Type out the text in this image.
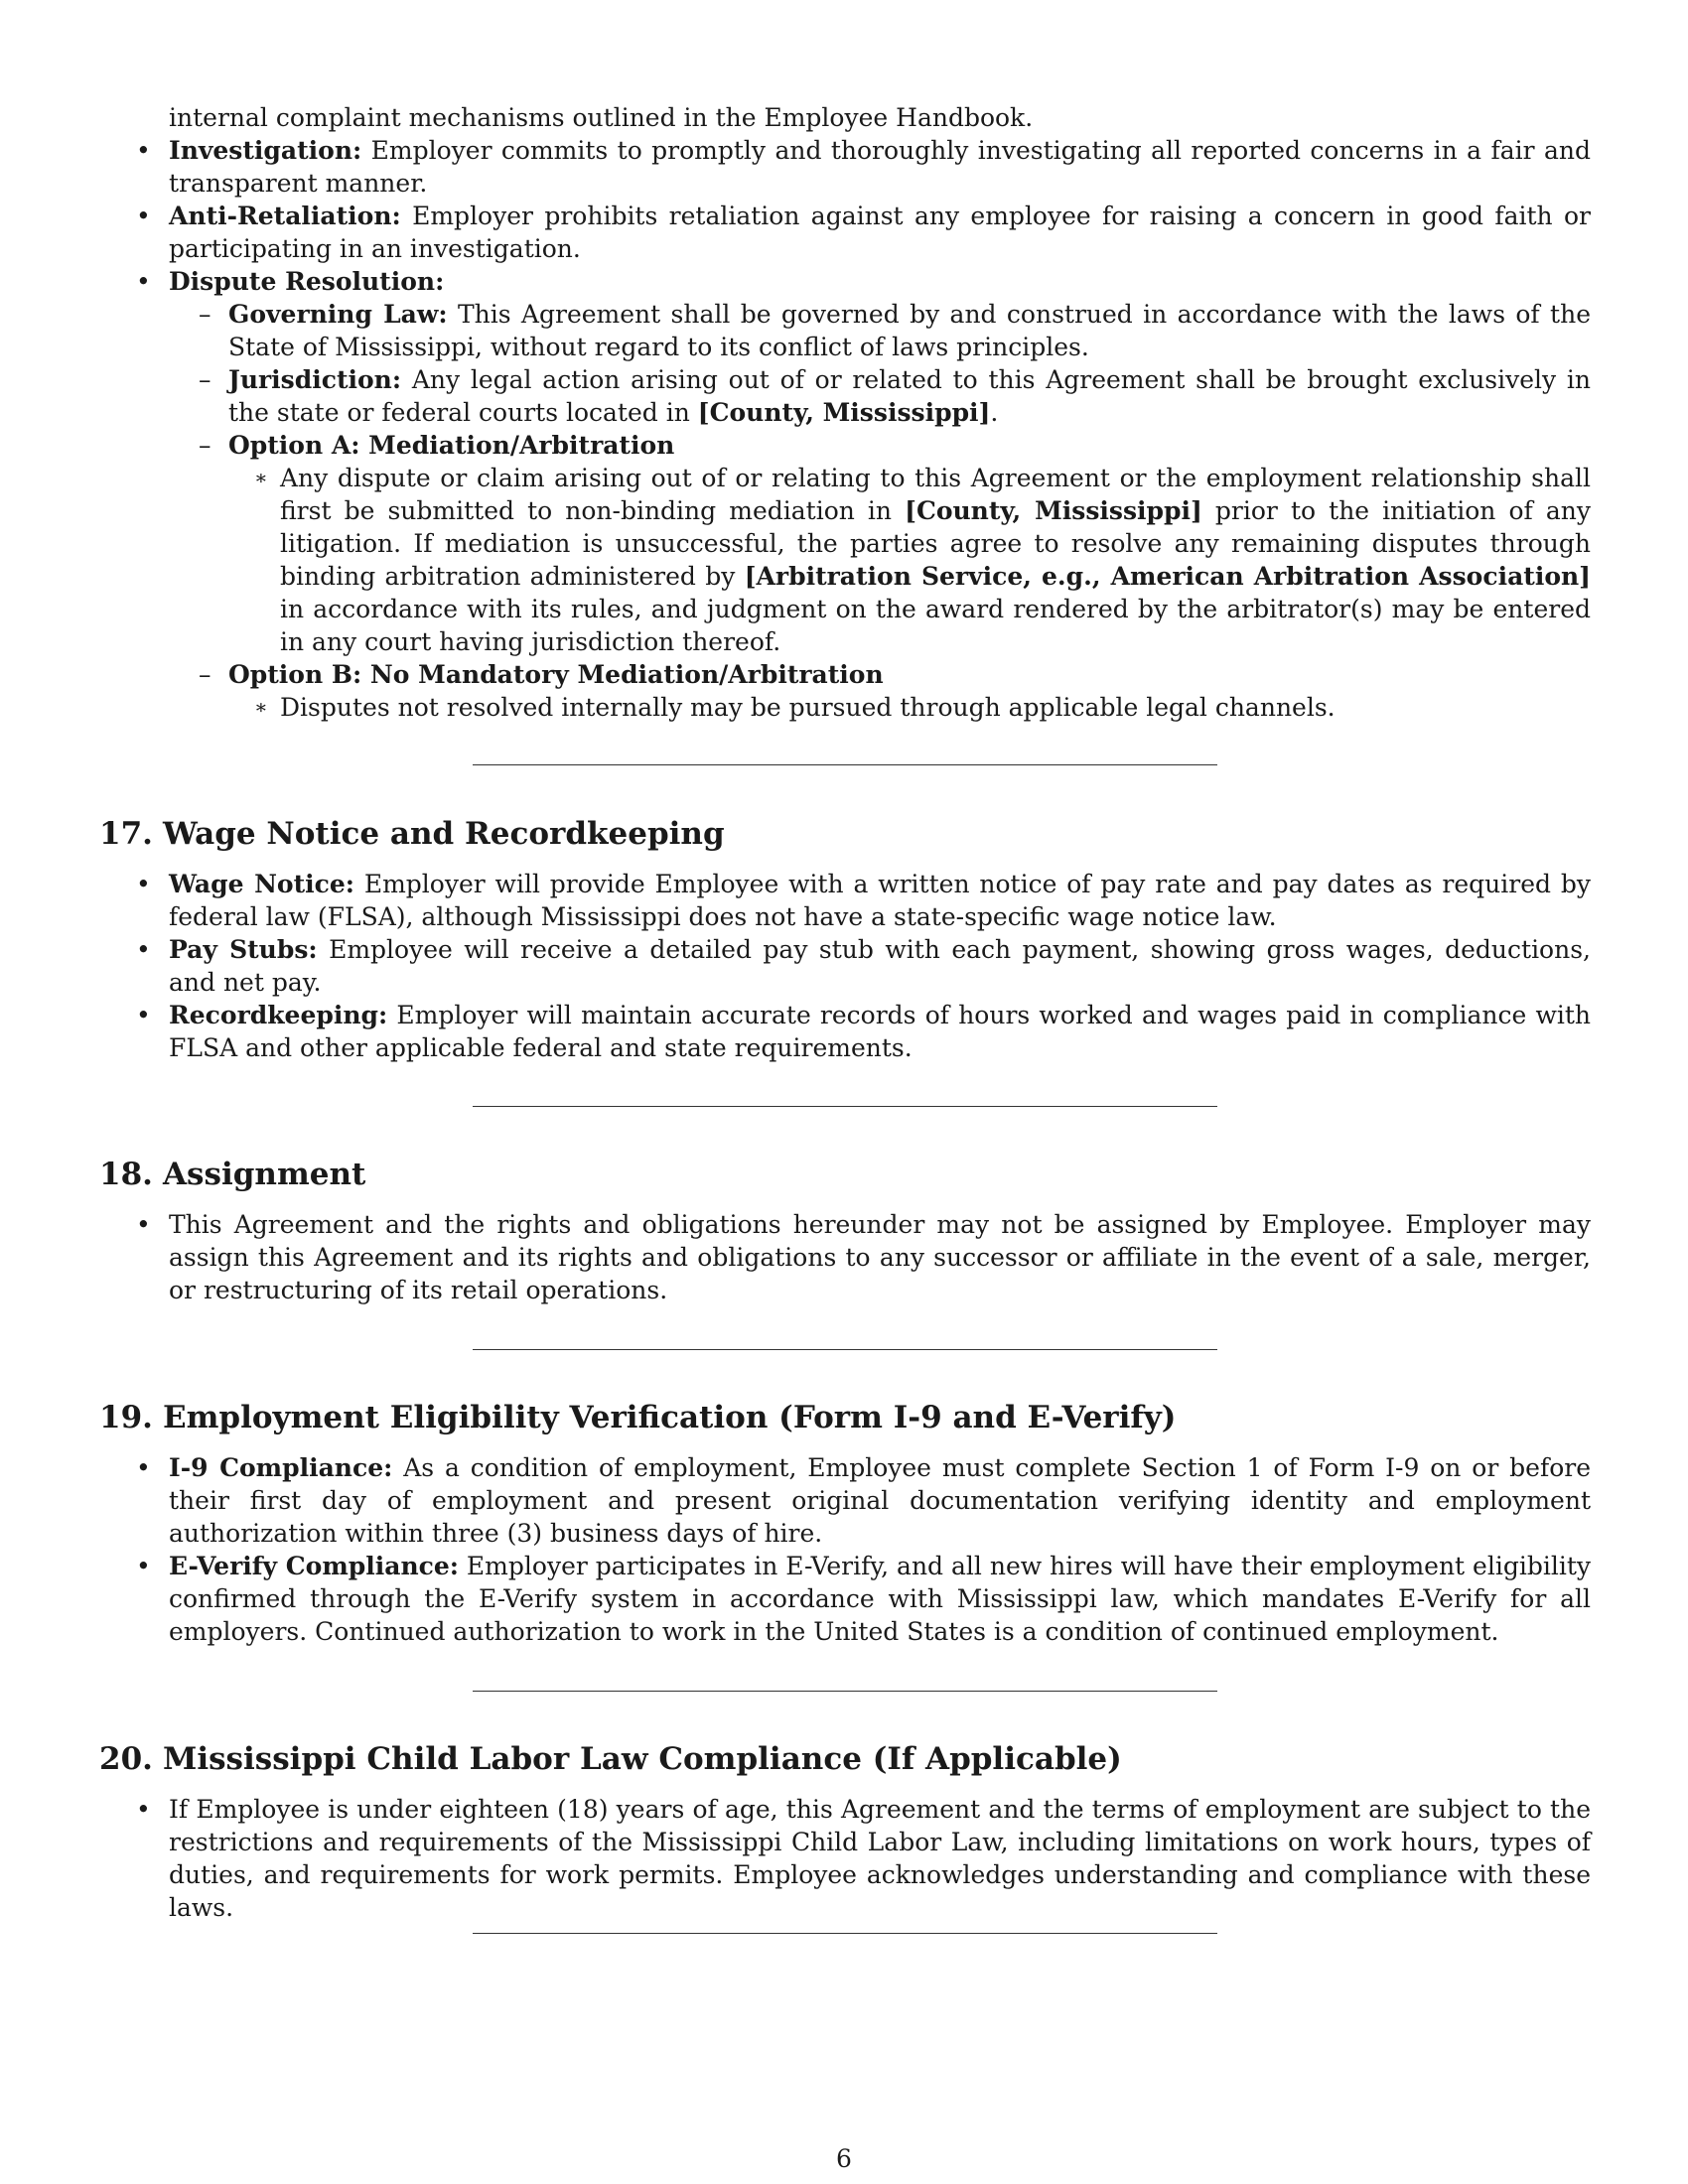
internal complaint mechanisms outlined in the Employee Handbook.
• Investigation: Employer commits to promptly and thoroughly investigating all reported concerns in a fair and transparent manner.
• Anti-Retaliation: Employer prohibits retaliation against any employee for raising a concern in good faith or participating in an investigation.
• Dispute Resolution:
– Governing Law: This Agreement shall be governed by and construed in accordance with the laws of the State of Mississippi, without regard to its conflict of laws principles.
– Jurisdiction: Any legal action arising out of or related to this Agreement shall be brought exclusively in the state or federal courts located in [County, Mississippi].
– Option A: Mediation/Arbitration
∗ Any dispute or claim arising out of or relating to this Agreement or the employment relationship shall first be submitted to non-binding mediation in [County, Mississippi] prior to the initiation of any litigation. If mediation is unsuccessful, the parties agree to resolve any remaining disputes through binding arbitration administered by [Arbitration Service, e.g., American Arbitration Association] in accordance with its rules, and judgment on the award rendered by the arbitrator(s) may be entered in any court having jurisdiction thereof.
– Option B: No Mandatory Mediation/Arbitration
∗ Disputes not resolved internally may be pursued through applicable legal channels.
17. Wage Notice and Recordkeeping
• Wage Notice: Employer will provide Employee with a written notice of pay rate and pay dates as required by federal law (FLSA), although Mississippi does not have a state-specific wage notice law.
• Pay Stubs: Employee will receive a detailed pay stub with each payment, showing gross wages, deductions, and net pay.
• Recordkeeping: Employer will maintain accurate records of hours worked and wages paid in compliance with FLSA and other applicable federal and state requirements.
18. Assignment
• This Agreement and the rights and obligations hereunder may not be assigned by Employee. Employer may assign this Agreement and its rights and obligations to any successor or affiliate in the event of a sale, merger, or restructuring of its retail operations.
19. Employment Eligibility Verification (Form I-9 and E-Verify)
• I-9 Compliance: As a condition of employment, Employee must complete Section 1 of Form I-9 on or before their first day of employment and present original documentation verifying identity and employment authorization within three (3) business days of hire.
• E-Verify Compliance: Employer participates in E-Verify, and all new hires will have their employment eligibility confirmed through the E-Verify system in accordance with Mississippi law, which mandates E-Verify for all employers. Continued authorization to work in the United States is a condition of continued employment.
20. Mississippi Child Labor Law Compliance (If Applicable)
• If Employee is under eighteen (18) years of age, this Agreement and the terms of employment are subject to the restrictions and requirements of the Mississippi Child Labor Law, including limitations on work hours, types of duties, and requirements for work permits. Employee acknowledges understanding and compliance with these laws.
6
